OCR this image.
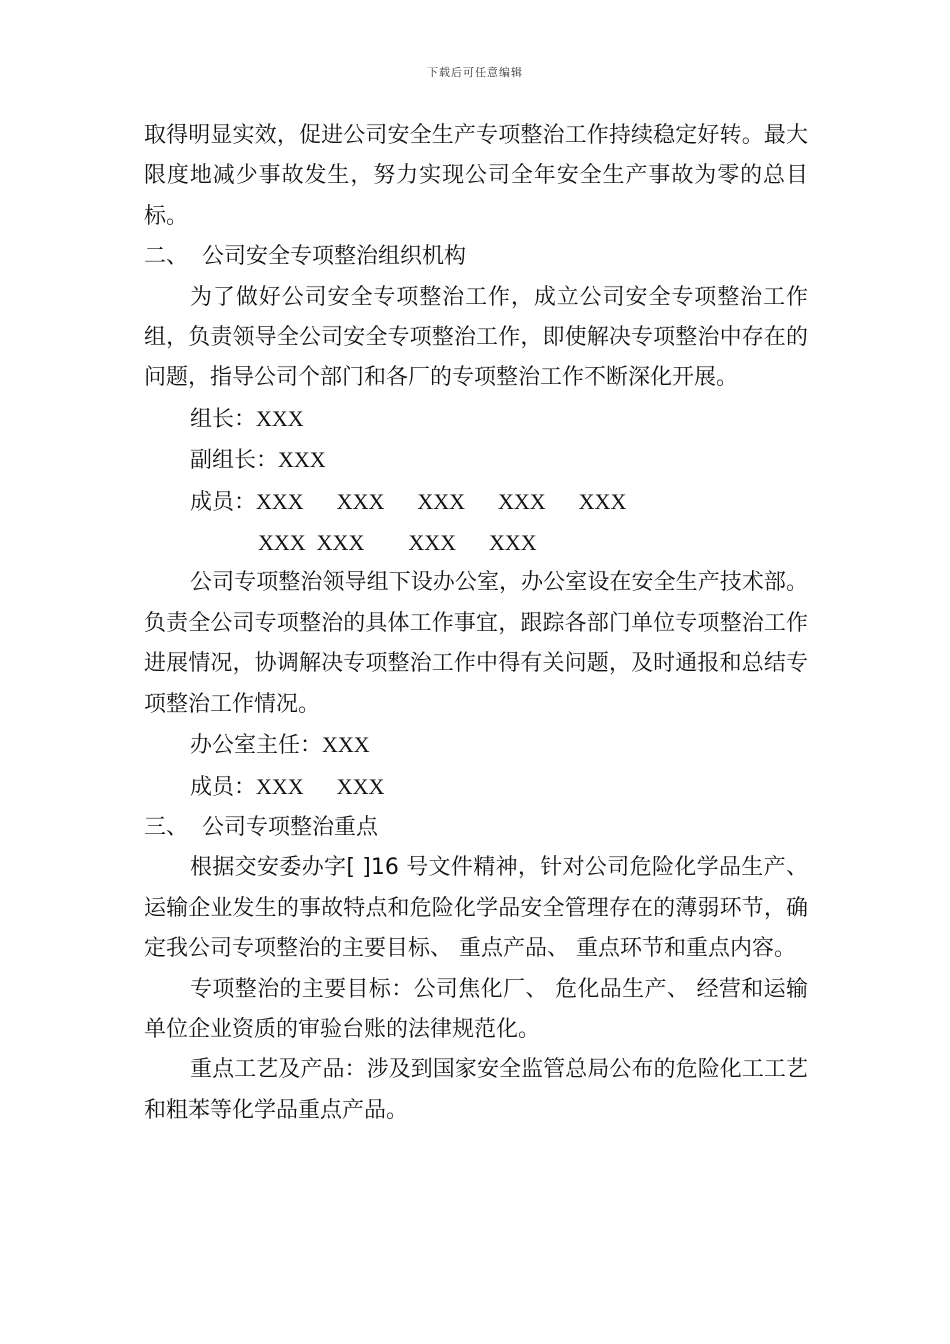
下载后可任意编辑

取得明显实效，促进公司安全生产专项整治工作持续稳定好转。最大限度地减少事故发生，努力实现公司全年安全生产事故为零的总目标。

二、  公司安全专项整治组织机构

为了做好公司安全专项整治工作，成立公司安全专项整治工作组，负责领导全公司安全专项整治工作，即使解决专项整治中存在的问题，指导公司个部门和各厂的专项整治工作不断深化开展。

组长：XXX
副组长：XXX
成员：XXX      XXX      XXX      XXX      XXX
XXX  XXX        XXX      XXX

公司专项整治领导组下设办公室，办公室设在安全生产技术部。负责全公司专项整治的具体工作事宜，跟踪各部门单位专项整治工作进展情况，协调解决专项整治工作中得有关问题，及时通报和总结专项整治工作情况。

办公室主任：XXX
成员：XXX      XXX

三、  公司专项整治重点

根据交安委办字[ ]16 号文件精神，针对公司危险化学品生产、 运输企业发生的事故特点和危险化学品安全管理存在的薄弱环节，确定我公司专项整治的主要目标、 重点产品、 重点环节和重点内容。

专项整治的主要目标：公司焦化厂、 危化品生产、 经营和运输单位企业资质的审验台账的法律规范化。

重点工艺及产品：涉及到国家安全监管总局公布的危险化工工艺和粗苯等化学品重点产品。
